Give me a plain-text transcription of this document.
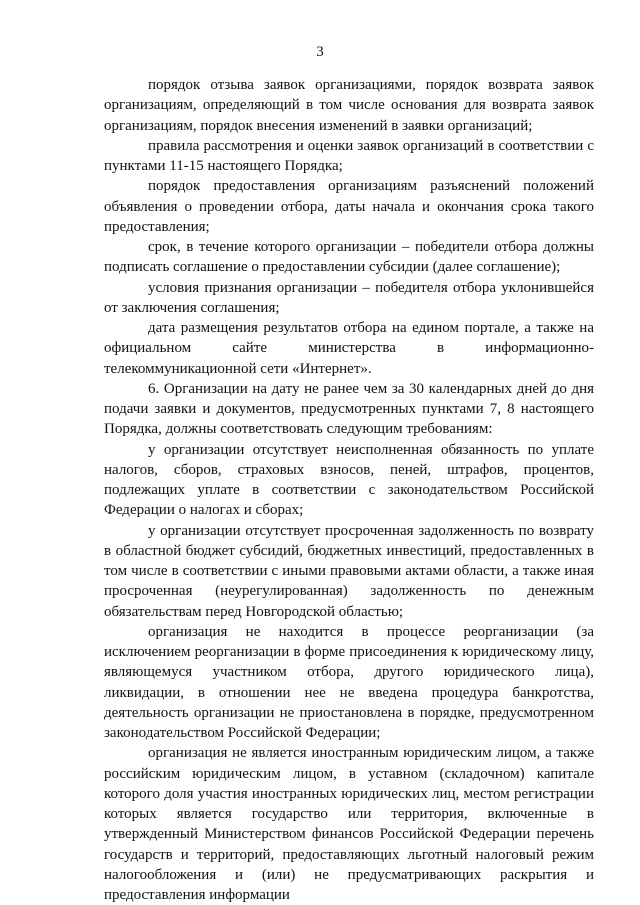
3

порядок отзыва заявок организациями, порядок возврата заявок организациям, определяющий в том числе основания для возврата заявок организациям, порядок внесения изменений в заявки организаций;

правила рассмотрения и оценки заявок организаций в соответствии с пунктами 11-15 настоящего Порядка;

порядок предоставления организациям разъяснений положений объявления о проведении отбора, даты начала и окончания срока такого предоставления;

срок, в течение которого организации – победители отбора должны подписать соглашение о предоставлении субсидии (далее соглашение);

условия признания организации – победителя отбора уклонившейся от заключения соглашения;

дата размещения результатов отбора на едином портале, а также на официальном сайте министерства в информационно-телекоммуникационной сети «Интернет».

6. Организации на дату не ранее чем за 30 календарных дней до дня подачи заявки и документов, предусмотренных пунктами 7, 8 настоящего Порядка, должны соответствовать следующим требованиям:

у организации отсутствует неисполненная обязанность по уплате налогов, сборов, страховых взносов, пеней, штрафов, процентов, подлежащих уплате в соответствии с законодательством Российской Федерации о налогах и сборах;

у организации отсутствует просроченная задолженность по возврату в областной бюджет субсидий, бюджетных инвестиций, предоставленных в том числе в соответствии с иными правовыми актами области, а также иная просроченная (неурегулированная) задолженность по денежным обязательствам перед Новгородской областью;

организация не находится в процессе реорганизации (за исключением реорганизации в форме присоединения к юридическому лицу, являющемуся участником отбора, другого юридического лица), ликвидации, в отношении нее не введена процедура банкротства, деятельность организации не приостановлена в порядке, предусмотренном законодательством Российской Федерации;

организация не является иностранным юридическим лицом, а также российским юридическим лицом, в уставном (складочном) капитале которого доля участия иностранных юридических лиц, местом регистрации которых является государство или территория, включенные в утвержденный Министерством финансов Российской Федерации перечень государств и территорий, предоставляющих льготный налоговый режим налогообложения и (или) не предусматривающих раскрытия и предоставления информации
